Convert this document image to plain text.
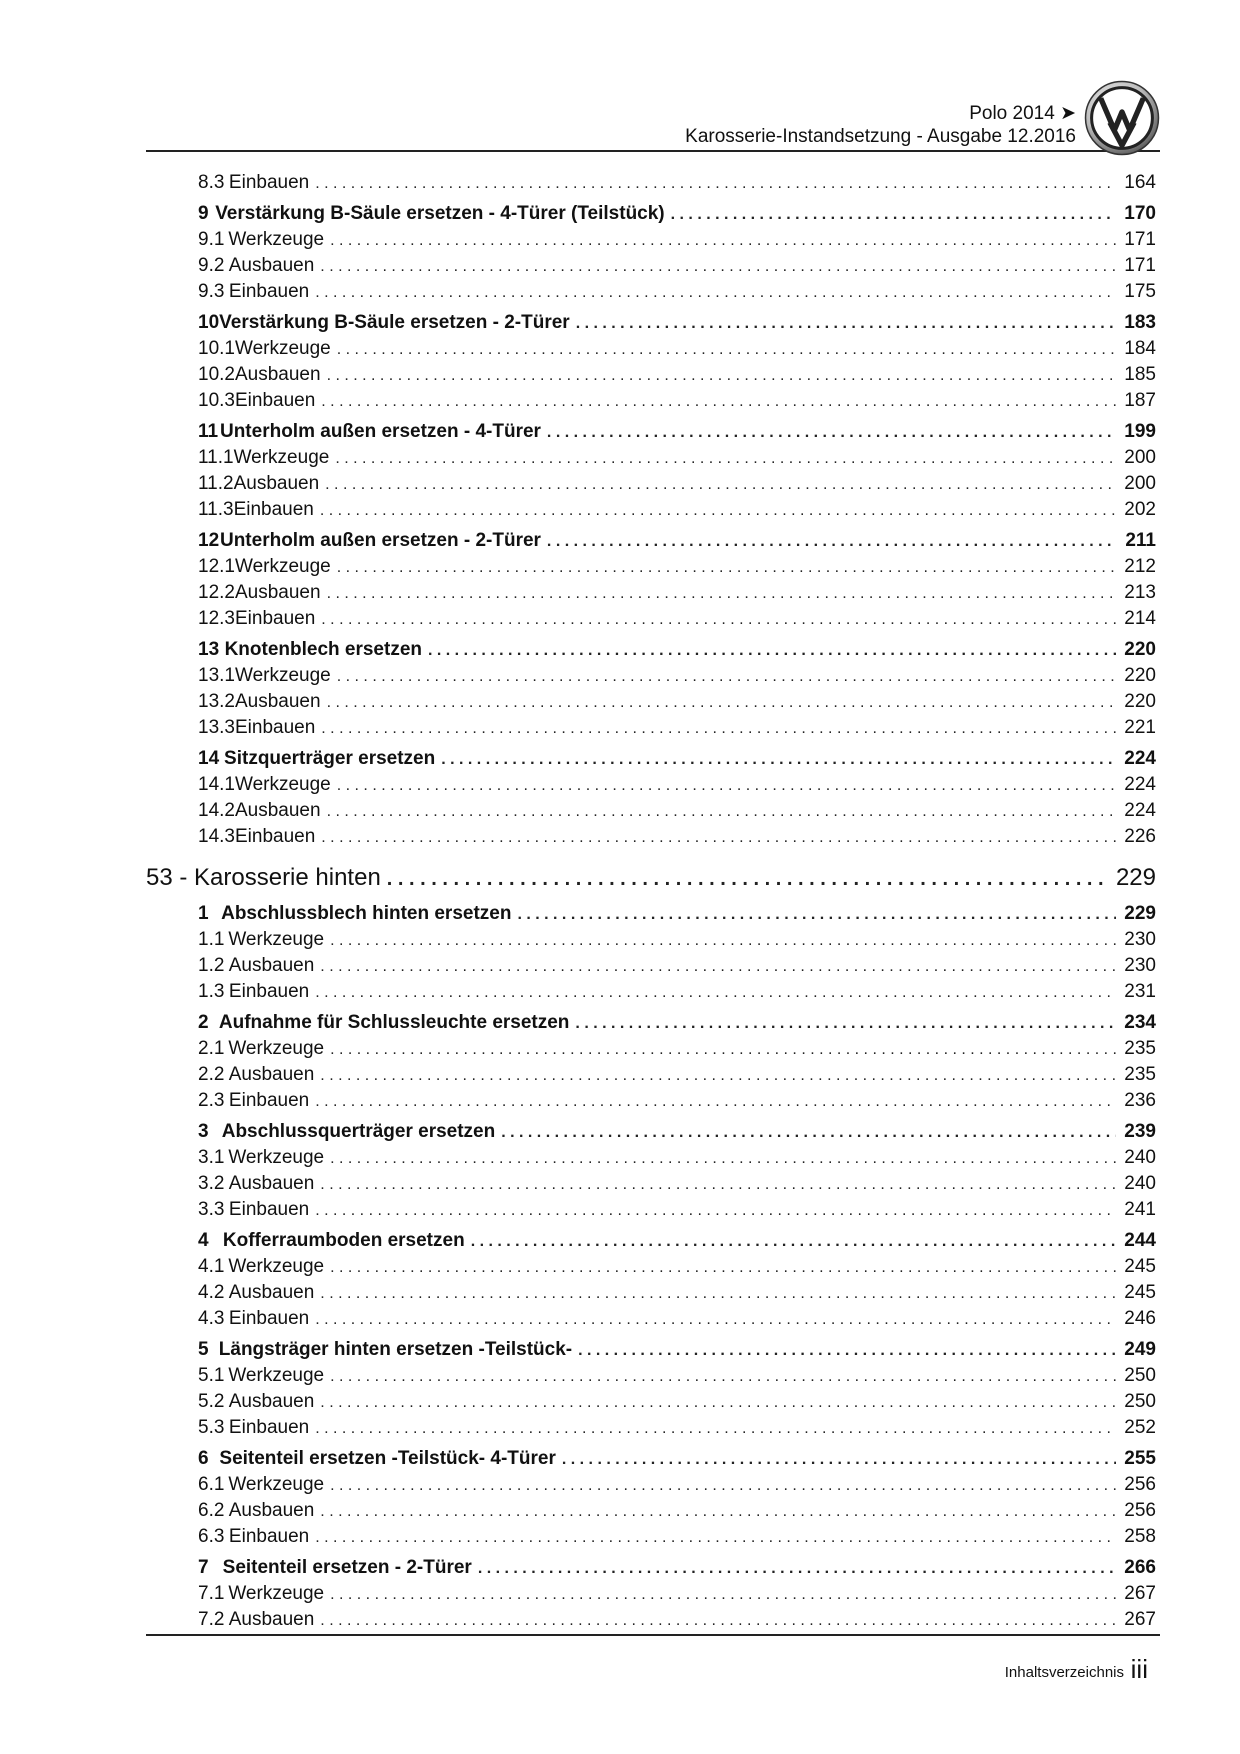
Polo 2014 ➤
Karosserie-Instandsetzung - Ausgabe 12.2016
8.3 Einbauen . . .	164
9 Verstärkung B-Säule ersetzen - 4-Türer (Teilstück) . . .	170
9.1 Werkzeuge . . .	171
9.2 Ausbauen . . .	171
9.3 Einbauen . . .	175
10 Verstärkung B-Säule ersetzen - 2-Türer . . .	183
10.1 Werkzeuge . . .	184
10.2 Ausbauen . . .	185
10.3 Einbauen . . .	187
11 Unterholm außen ersetzen - 4-Türer . . .	199
11.1 Werkzeuge . . .	200
11.2 Ausbauen . . .	200
11.3 Einbauen . . .	202
12 Unterholm außen ersetzen - 2-Türer . . .	211
12.1 Werkzeuge . . .	212
12.2 Ausbauen . . .	213
12.3 Einbauen . . .	214
13 Knotenblech ersetzen . . .	220
13.1 Werkzeuge . . .	220
13.2 Ausbauen . . .	220
13.3 Einbauen . . .	221
14 Sitzquerträger ersetzen . . .	224
14.1 Werkzeuge . . .	224
14.2 Ausbauen . . .	224
14.3 Einbauen . . .	226
53 - Karosserie hinten . . .	229
1 Abschlussblech hinten ersetzen . . .	229
1.1 Werkzeuge . . .	230
1.2 Ausbauen . . .	230
1.3 Einbauen . . .	231
2 Aufnahme für Schlussleuchte ersetzen . . .	234
2.1 Werkzeuge . . .	235
2.2 Ausbauen . . .	235
2.3 Einbauen . . .	236
3 Abschlussquerträger ersetzen . . .	239
3.1 Werkzeuge . . .	240
3.2 Ausbauen . . .	240
3.3 Einbauen . . .	241
4 Kofferraumboden ersetzen . . .	244
4.1 Werkzeuge . . .	245
4.2 Ausbauen . . .	245
4.3 Einbauen . . .	246
5 Längsträger hinten ersetzen -Teilstück- . . .	249
5.1 Werkzeuge . . .	250
5.2 Ausbauen . . .	250
5.3 Einbauen . . .	252
6 Seitenteil ersetzen -Teilstück- 4-Türer . . .	255
6.1 Werkzeuge . . .	256
6.2 Ausbauen . . .	256
6.3 Einbauen . . .	258
7 Seitenteil ersetzen - 2-Türer . . .	266
7.1 Werkzeuge . . .	267
7.2 Ausbauen . . .	267
Inhaltsverzeichnis iii
